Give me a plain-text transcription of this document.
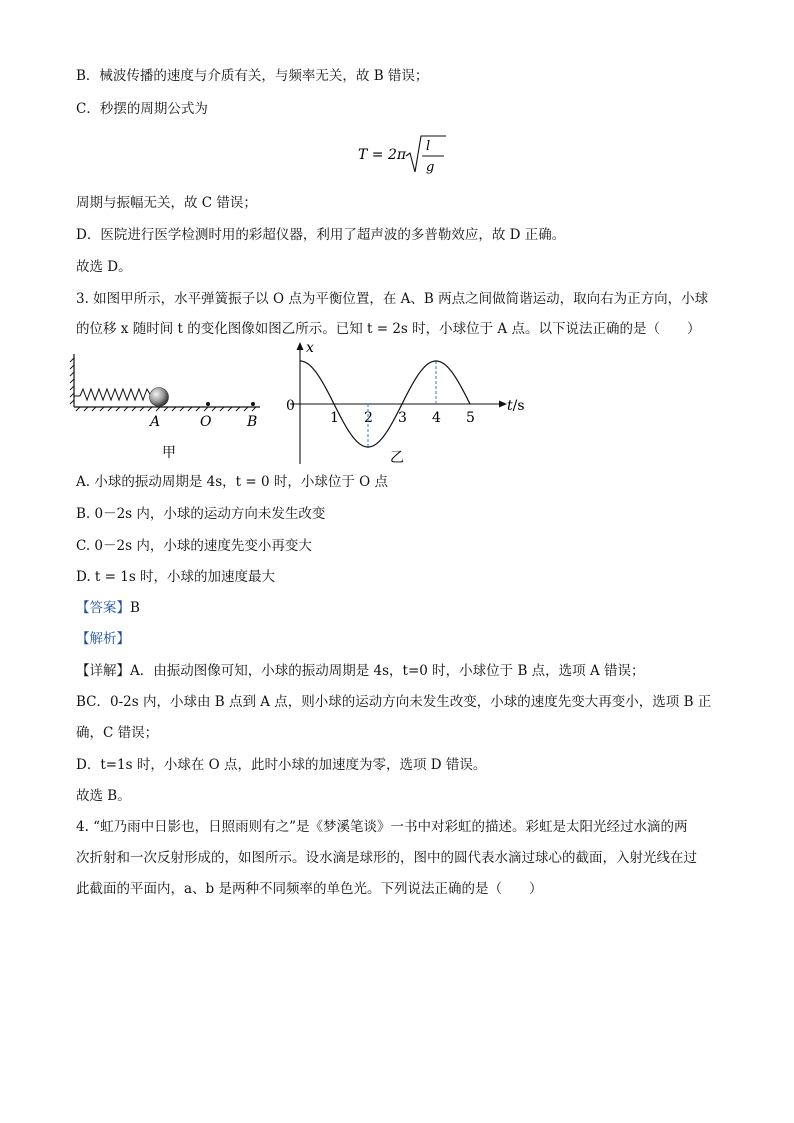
B．械波传播的速度与介质有关，与频率无关，故 B 错误；
C．秒摆的周期公式为
T = 2π
l
g
周期与振幅无关，故 C 错误；
D．医院进行医学检测时用的彩超仪器，利用了超声波的多普勒效应，故 D 正确。
故选 D。
3. 如图甲所示，水平弹簧振子以 O 点为平衡位置，在 A、B 两点之间做简谐运动，取向右为正方向，小球
的位移 x 随时间 t 的变化图像如图乙所示。已知 t = 2s 时，小球位于 A 点。以下说法正确的是（　　）
A	O	B
甲
x
t/s
0
1 2 3 4 5
乙
A. 小球的振动周期是 4s，t = 0 时，小球位于 O 点
B. 0－2s 内，小球的运动方向未发生改变
C. 0－2s 内，小球的速度先变小再变大
D. t = 1s 时，小球的加速度最大
【答案】B
【解析】
【详解】A．由振动图像可知，小球的振动周期是 4s，t=0 时，小球位于 B 点，选项 A 错误；
BC．0-2s 内，小球由 B 点到 A 点，则小球的运动方向未发生改变，小球的速度先变大再变小，选项 B 正
确，C 错误；
D．t=1s 时，小球在 O 点，此时小球的加速度为零，选项 D 错误。
故选 B。
4. “虹乃雨中日影也，日照雨则有之”是《梦溪笔谈》一书中对彩虹的描述。彩虹是太阳光经过水滴的两
次折射和一次反射形成的，如图所示。设水滴是球形的，图中的圆代表水滴过球心的截面，入射光线在过
此截面的平面内，a、b 是两种不同频率的单色光。下列说法正确的是（　　）
